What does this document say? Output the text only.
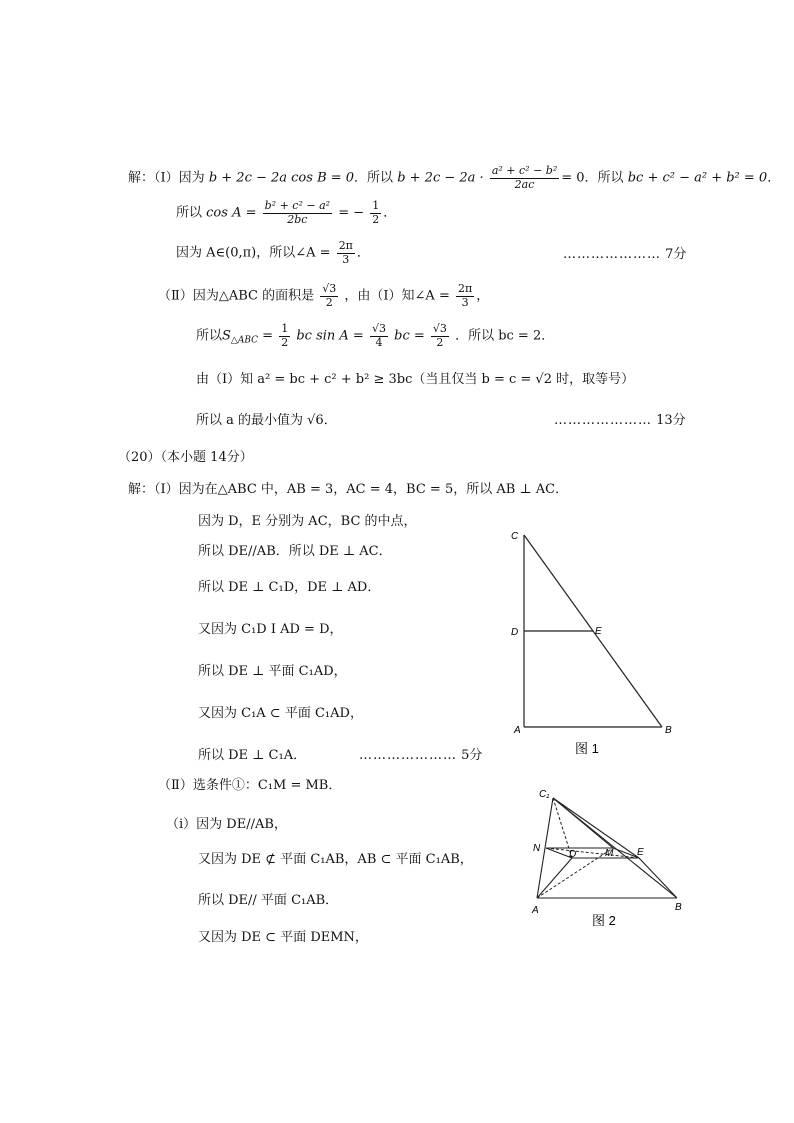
解：（Ⅰ）因为 b + 2c − 2a cos B = 0．所以 $b + 2c - 2a \cdot \frac{\text{a² + c² − b²}}{2ac} = 0$．所以 bc + c² − a² + b² = 0．
所以 $\cos A = \frac{\text{b² + c² − a²}}{2bc}$ = − $\frac{1}{2}$ ．
因为 A∈(0,π)，所以∠A = $\frac{2\pi}{3}$ ．	………………… 7分
（Ⅱ）因为△ABC 的面积是 $\frac{√3}{2}$ ，由（Ⅰ）知∠A = $\frac{2\pi}{3}$ ，
所以$S_{\triangle ABC} = \frac{1}{2}$ bc $\sin A = \frac{√3}{4}$ bc = $\frac{√3}{2}$ ．所以 bc = 2．
由（Ⅰ）知 a² = bc + c² + b² ≥ 3bc（当且仅当 b = c = √2 时，取等号）
所以 a 的最小值为 √6．	………………… 13分
（20）（本小题 14分）
解：（Ⅰ）因为在△ABC 中，AB = 3，AC = 4，BC = 5，所以 AB ⊥ AC．
因为 D，E 分别为 AC，BC 的中点，
所以 DE//AB．所以 DE ⊥ AC．
所以 DE ⊥ C₁D，DE ⊥ AD．
又因为 C₁D I AD = D，
所以 DE ⊥ 平面 C₁AD，
又因为 C₁A ⊂ 平面 C₁AD，
所以 DE ⊥ C₁A．	………………… 5分
（Ⅱ）选条件①：C₁M = MB．
（ⅰ）因为 DE//AB，
又因为 DE ⊄ 平面 C₁AB，AB ⊂ 平面 C₁AB，
所以 DE// 平面 C₁AB．
又因为 DE ⊂ 平面 DEMN，
C
D	E
A	B
图 1
C₁
N
D	M E
A	B
图 2
